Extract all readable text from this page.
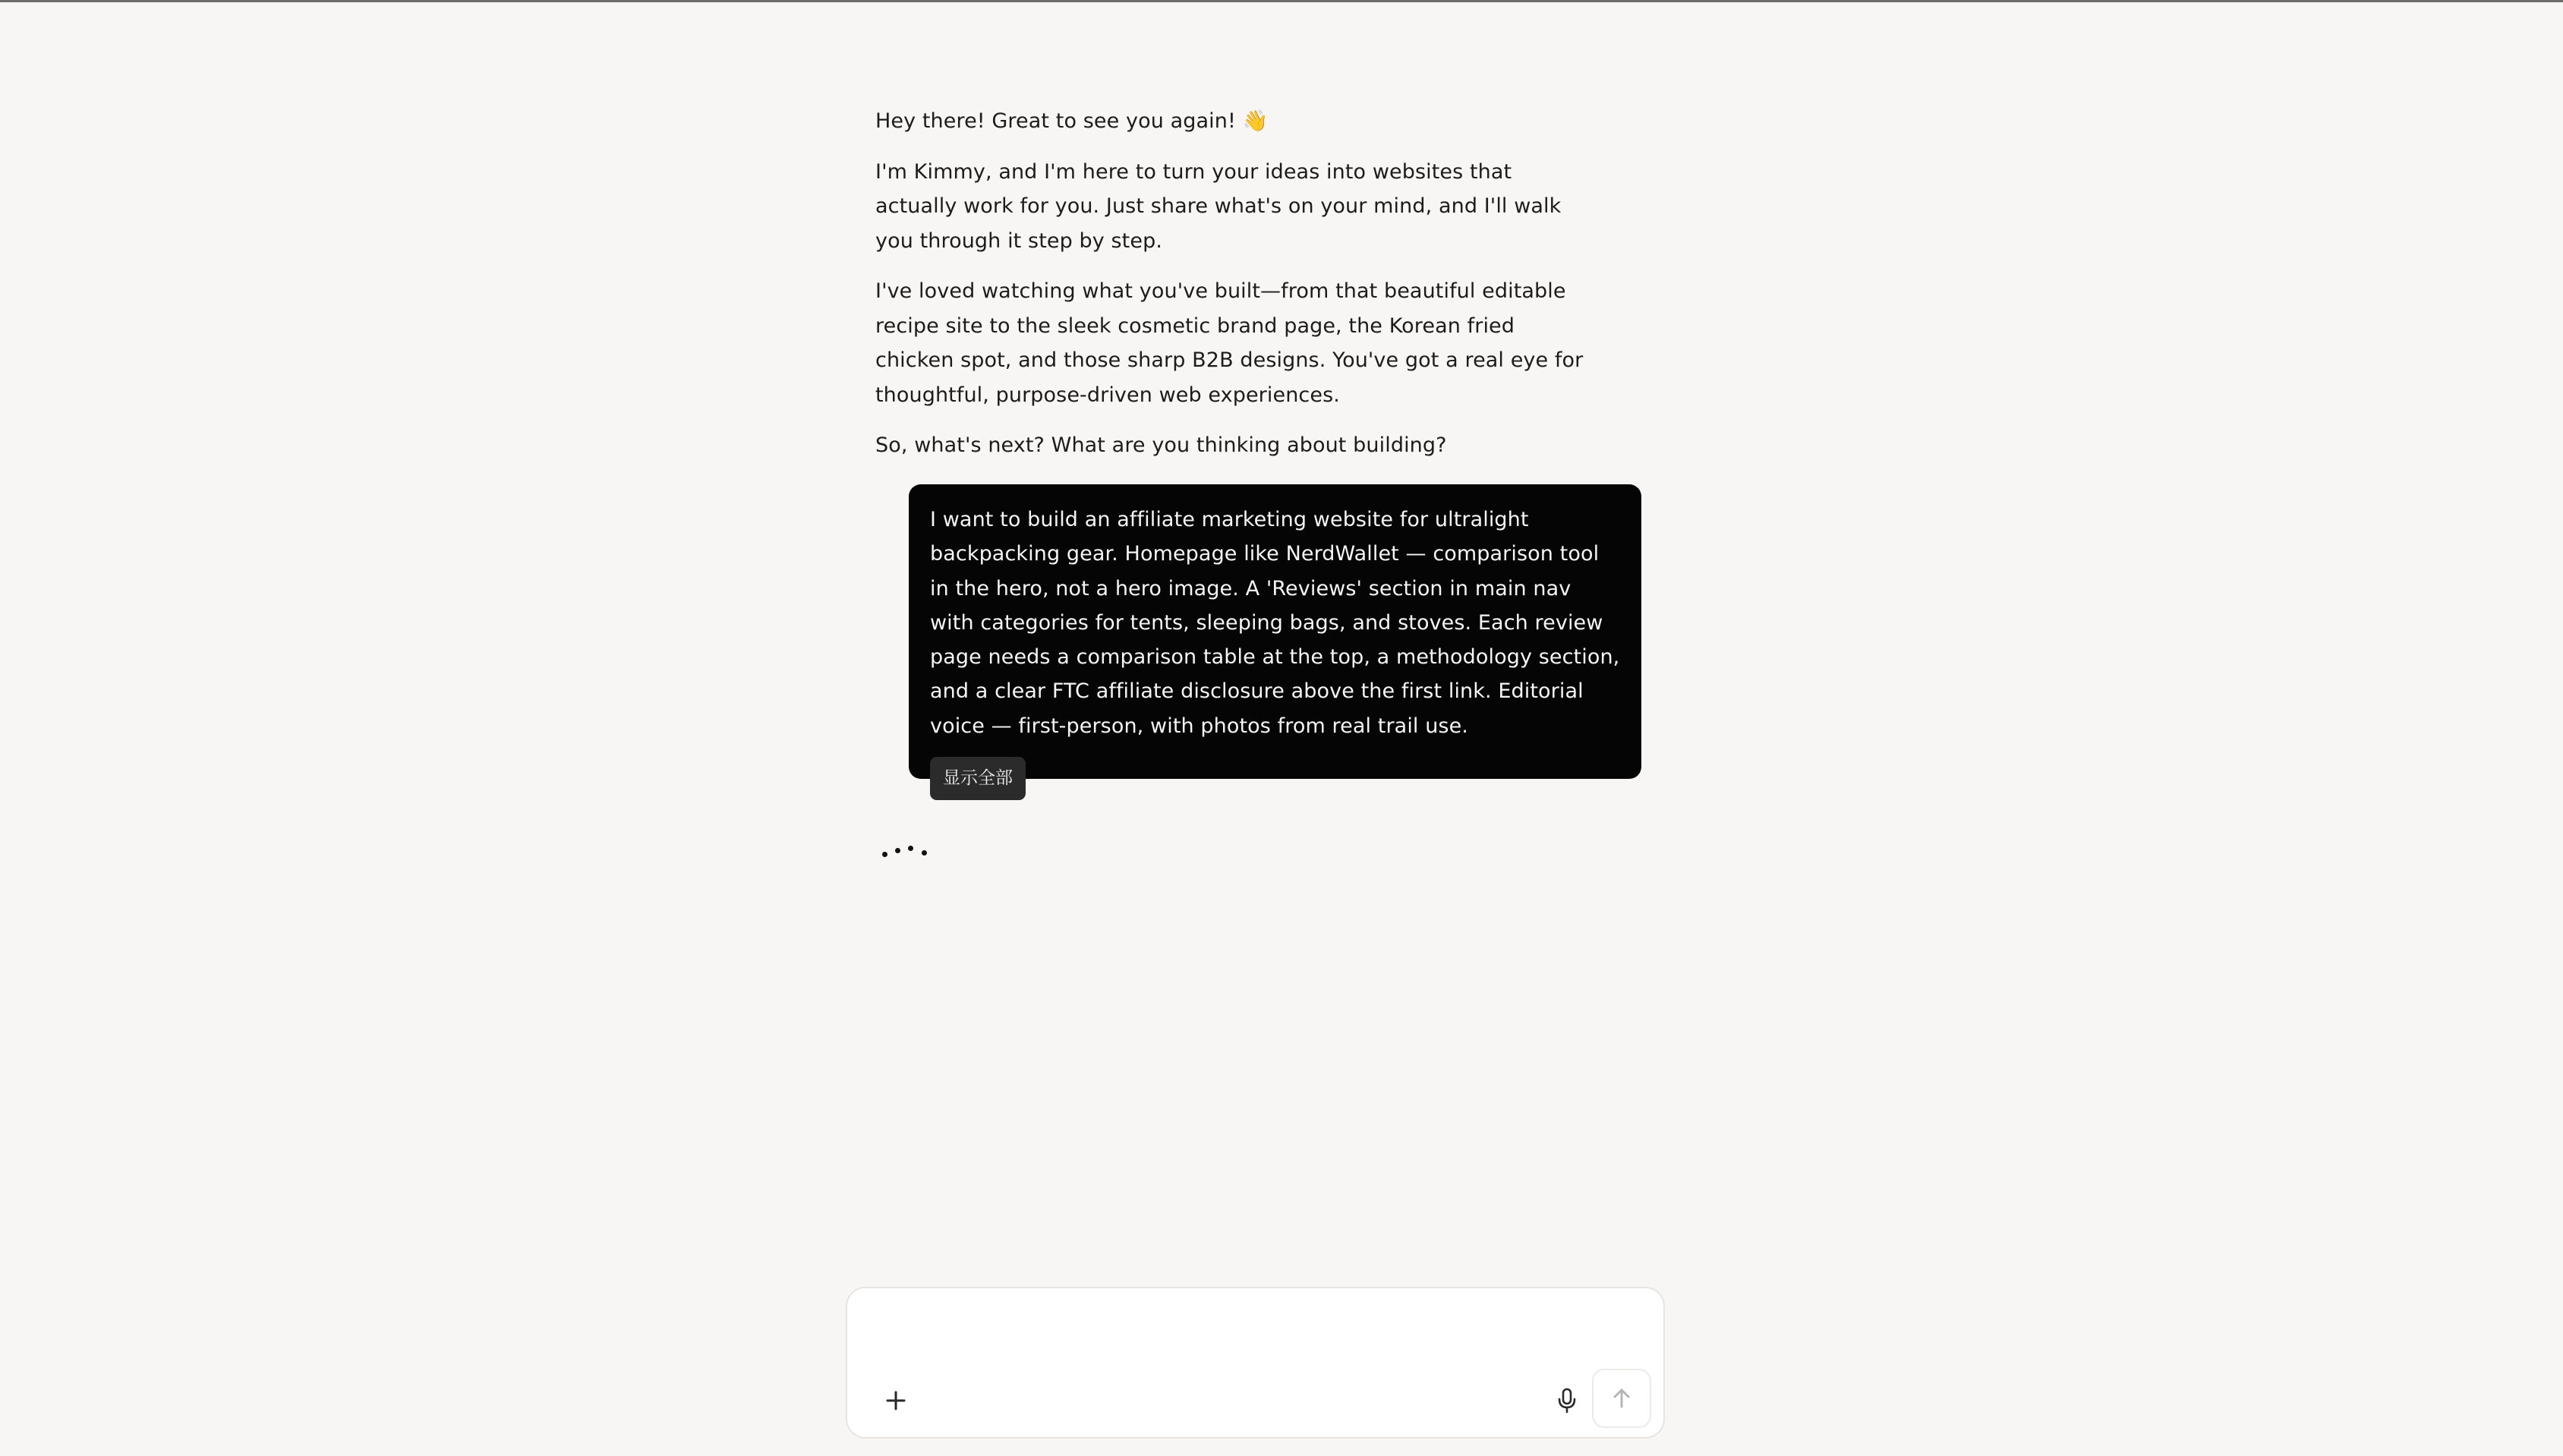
Hey there! Great to see you again! 👋

I'm Kimmy, and I'm here to turn your ideas into websites that actually work for you. Just share what's on your mind, and I'll walk you through it step by step.

I've loved watching what you've built—from that beautiful editable recipe site to the sleek cosmetic brand page, the Korean fried chicken spot, and those sharp B2B designs. You've got a real eye for thoughtful, purpose-driven web experiences.

So, what's next? What are you thinking about building?

I want to build an affiliate marketing website for ultralight backpacking gear. Homepage like NerdWallet — comparison tool in the hero, not a hero image. A 'Reviews' section in main nav with categories for tents, sleeping bags, and stoves. Each review page needs a comparison table at the top, a methodology section, and a clear FTC affiliate disclosure above the first link. Editorial voice — first-person, with photos from real trail use.

显示全部
